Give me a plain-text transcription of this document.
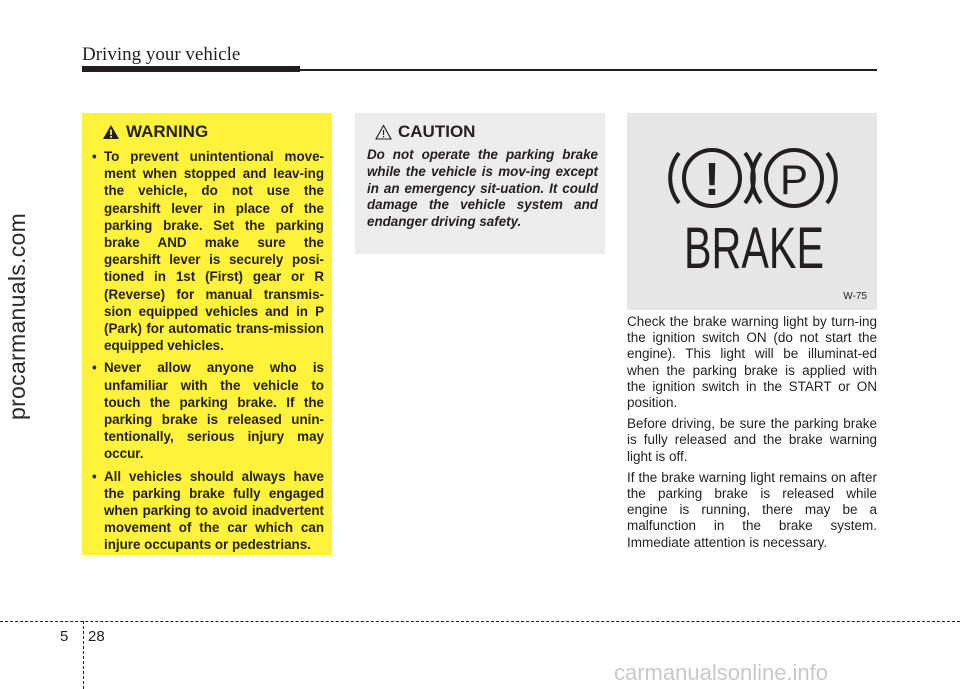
Driving your vehicle
procarmanuals.com
WARNING
• To prevent unintentional move-ment when stopped and leav-ing the vehicle, do not use the gearshift lever in place of the parking brake. Set the parking brake AND make sure the gearshift lever is securely posi-tioned in 1st (First) gear or R (Reverse) for manual transmis-sion equipped vehicles and in P (Park) for automatic trans-mission equipped vehicles.
• Never allow anyone who is unfamiliar with the vehicle to touch the parking brake. If the parking brake is released unin-tentionally, serious injury may occur.
• All vehicles should always have the parking brake fully engaged when parking to avoid inadvertent movement of the car which can injure occupants or pedestrians.
CAUTION
Do not operate the parking brake while the vehicle is mov-ing except in an emergency sit-uation. It could damage the vehicle system and endanger driving safety.
! P
BRAKE
W-75

Check the brake warning light by turn-ing the ignition switch ON (do not start the engine). This light will be illuminat-ed when the parking brake is applied with the ignition switch in the START or ON position.

Before driving, be sure the parking brake is fully released and the brake warning light is off.

If the brake warning light remains on after the parking brake is released while engine is running, there may be a malfunction in the brake system. Immediate attention is necessary.

5 28
carmanualsonline.info
